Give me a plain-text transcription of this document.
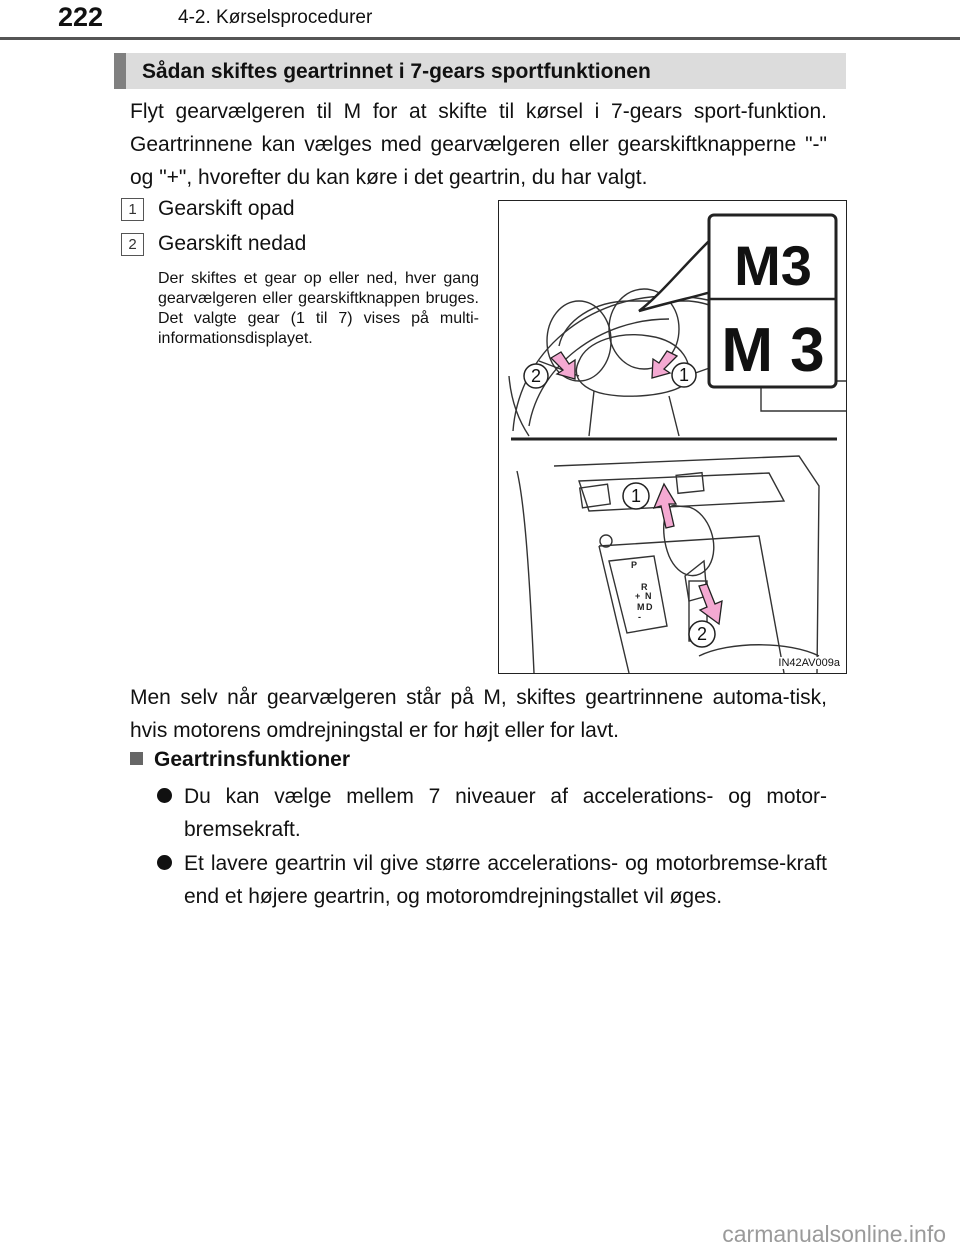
222	4-2. Kørselsprocedurer
Sådan skiftes geartrinnet i 7-gears sportfunktionen
Flyt gearvælgeren til M for at skifte til kørsel i 7-gears sport-funktion. Geartrinnene kan vælges med gearvælgeren eller gearskiftknapperne "-" og "+", hvorefter du kan køre i det geartrin, du har valgt.
1	Gearskift opad
2	Gearskift nedad
Der skiftes et gear op eller ned, hver gang gearvælgeren eller gearskiftknappen bruges. Det valgte gear (1 til 7) vises på multi-informationsdisplayet.
M3
M 3
P
R
N
D
M
+
-
2	1
1
2
IN42AV009a
Men selv når gearvælgeren står på M, skiftes geartrinnene automa-tisk, hvis motorens omdrejningstal er for højt eller for lavt.
Geartrinsfunktioner
Du kan vælge mellem 7 niveauer af accelerations- og motor-bremsekraft.
Et lavere geartrin vil give større accelerations- og motorbremse-kraft end et højere geartrin, og motoromdrejningstallet vil øges.
carmanualsonline.info
